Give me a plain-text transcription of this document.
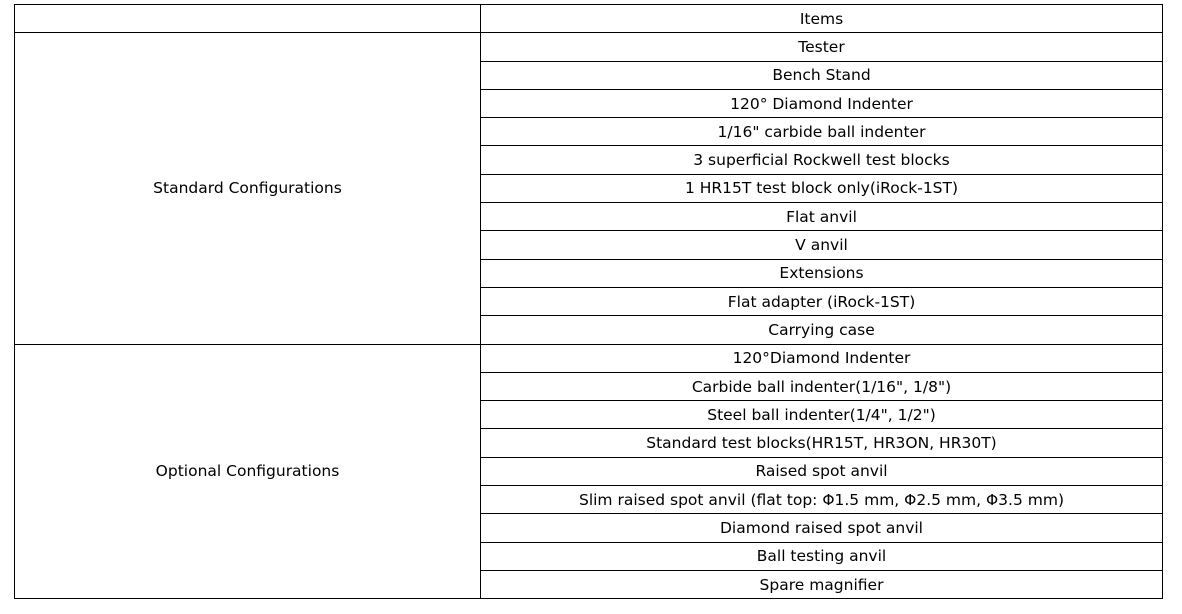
	Items
Standard Configurations	Tester
	Bench Stand
	120° Diamond Indenter
	1/16" carbide ball indenter
	3 superficial Rockwell test blocks
	1 HR15T test block only(iRock-1ST)
	Flat anvil
	V anvil
	Extensions
	Flat adapter (iRock-1ST)
	Carrying case
Optional Configurations	120°Diamond Indenter
	Carbide ball indenter(1/16", 1/8")
	Steel ball indenter(1/4", 1/2")
	Standard test blocks(HR15T, HR3ON, HR30T)
	Raised spot anvil
	Slim raised spot anvil (flat top: Φ1.5 mm, Φ2.5 mm, Φ3.5 mm)
	Diamond raised spot anvil
	Ball testing anvil
	Spare magnifier
